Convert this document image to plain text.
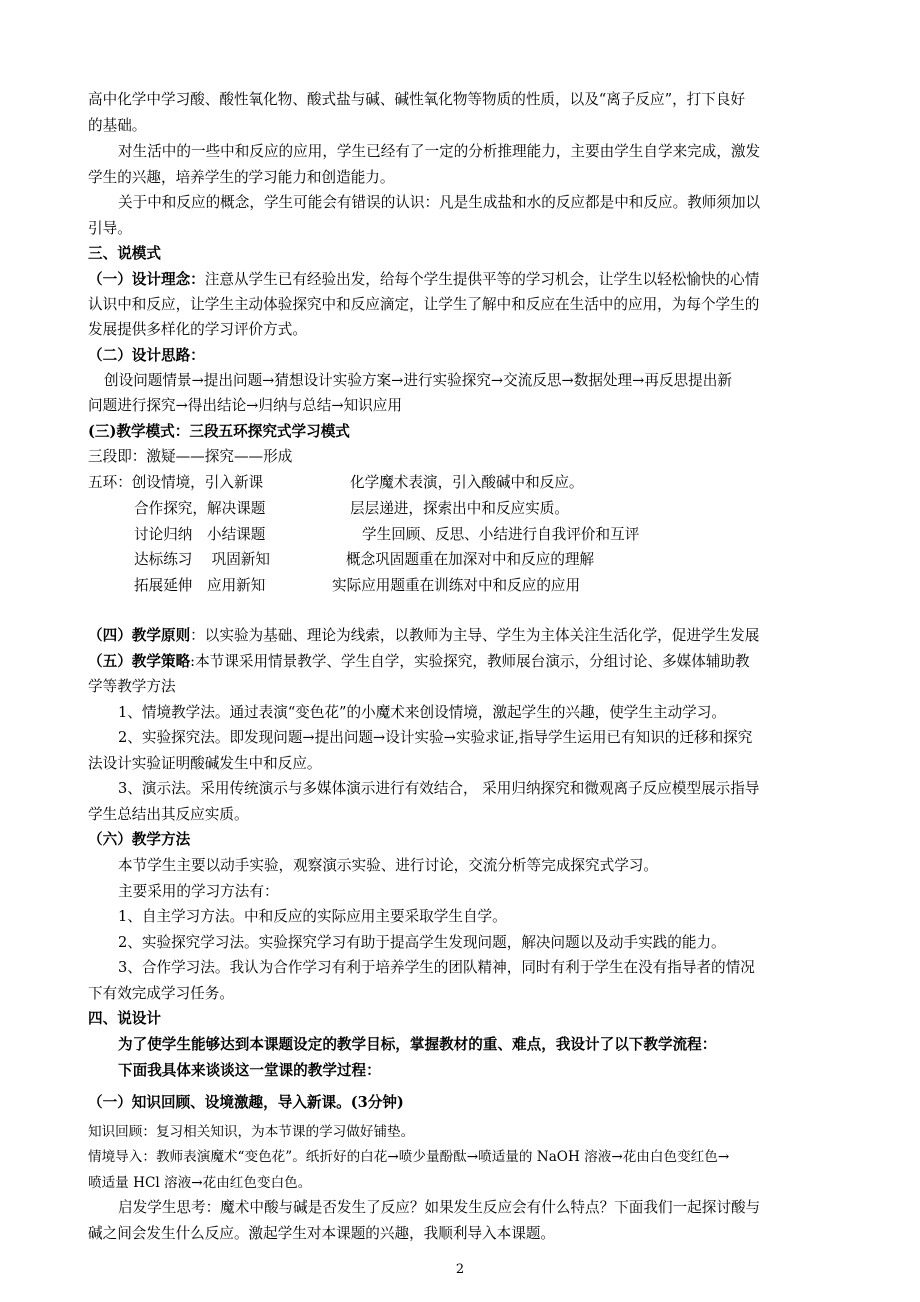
高中化学中学习酸、酸性氧化物、酸式盐与碱、碱性氧化物等物质的性质，以及“离子反应”，打下良好
的基础。
对生活中的一些中和反应的应用，学生已经有了一定的分析推理能力，主要由学生自学来完成，激发
学生的兴趣，培养学生的学习能力和创造能力。
关于中和反应的概念，学生可能会有错误的认识：凡是生成盐和水的反应都是中和反应。教师须加以
引导。
三、说模式
（一）设计理念：注意从学生已有经验出发，给每个学生提供平等的学习机会，让学生以轻松愉快的心情
认识中和反应，让学生主动体验探究中和反应滴定，让学生了解中和反应在生活中的应用，为每个学生的
发展提供多样化的学习评价方式。
（二）设计思路：
创设问题情景→提出问题→猜想设计实验方案→进行实验探究→交流反思→数据处理→再反思提出新
问题进行探究→得出结论→归纳与总结→知识应用
(三)教学模式：三段五环探究式学习模式
三段即：激疑——探究——形成
五环：创设情境，引入新课	化学魔术表演，引入酸碱中和反应。
合作探究，解决课题	层层递进，探索出中和反应实质。
讨论归纳　小结课题	学生回顾、反思、小结进行自我评价和互评
达标练习　 巩固新知	概念巩固题重在加深对中和反应的理解
拓展延伸　应用新知	实际应用题重在训练对中和反应的应用
（四）教学原则：以实验为基础、理论为线索，以教师为主导、学生为主体关注生活化学，促进学生发展
（五）教学策略:本节课采用情景教学、学生自学，实验探究，教师展台演示，分组讨论、多媒体辅助教
学等教学方法
1、情境教学法。通过表演“变色花”的小魔术来创设情境，激起学生的兴趣，使学生主动学习。
2、实验探究法。即发现问题→提出问题→设计实验→实验求证,指导学生运用已有知识的迁移和探究
法设计实验证明酸碱发生中和反应。
3、演示法。采用传统演示与多媒体演示进行有效结合， 采用归纳探究和微观离子反应模型展示指导
学生总结出其反应实质。
（六）教学方法
本节学生主要以动手实验，观察演示实验、进行讨论，交流分析等完成探究式学习。
主要采用的学习方法有：
1、自主学习方法。中和反应的实际应用主要采取学生自学。
2、实验探究学习法。实验探究学习有助于提高学生发现问题，解决问题以及动手实践的能力。
3、合作学习法。我认为合作学习有利于培养学生的团队精神，同时有利于学生在没有指导者的情况
下有效完成学习任务。
四、说设计
为了使学生能够达到本课题设定的教学目标，掌握教材的重、难点，我设计了以下教学流程：
下面我具体来谈谈这一堂课的教学过程：
（一）知识回顾、设境激趣，导入新课。(3分钟)
知识回顾：复习相关知识，为本节课的学习做好铺垫。
情境导入：教师表演魔术“变色花”。纸折好的白花→喷少量酚酞→喷适量的 NaOH 溶液→花由白色变红色→
喷适量 HCl 溶液→花由红色变白色。
启发学生思考：魔术中酸与碱是否发生了反应？如果发生反应会有什么特点？下面我们一起探讨酸与
碱之间会发生什么反应。激起学生对本课题的兴趣，我顺利导入本课题。
2
